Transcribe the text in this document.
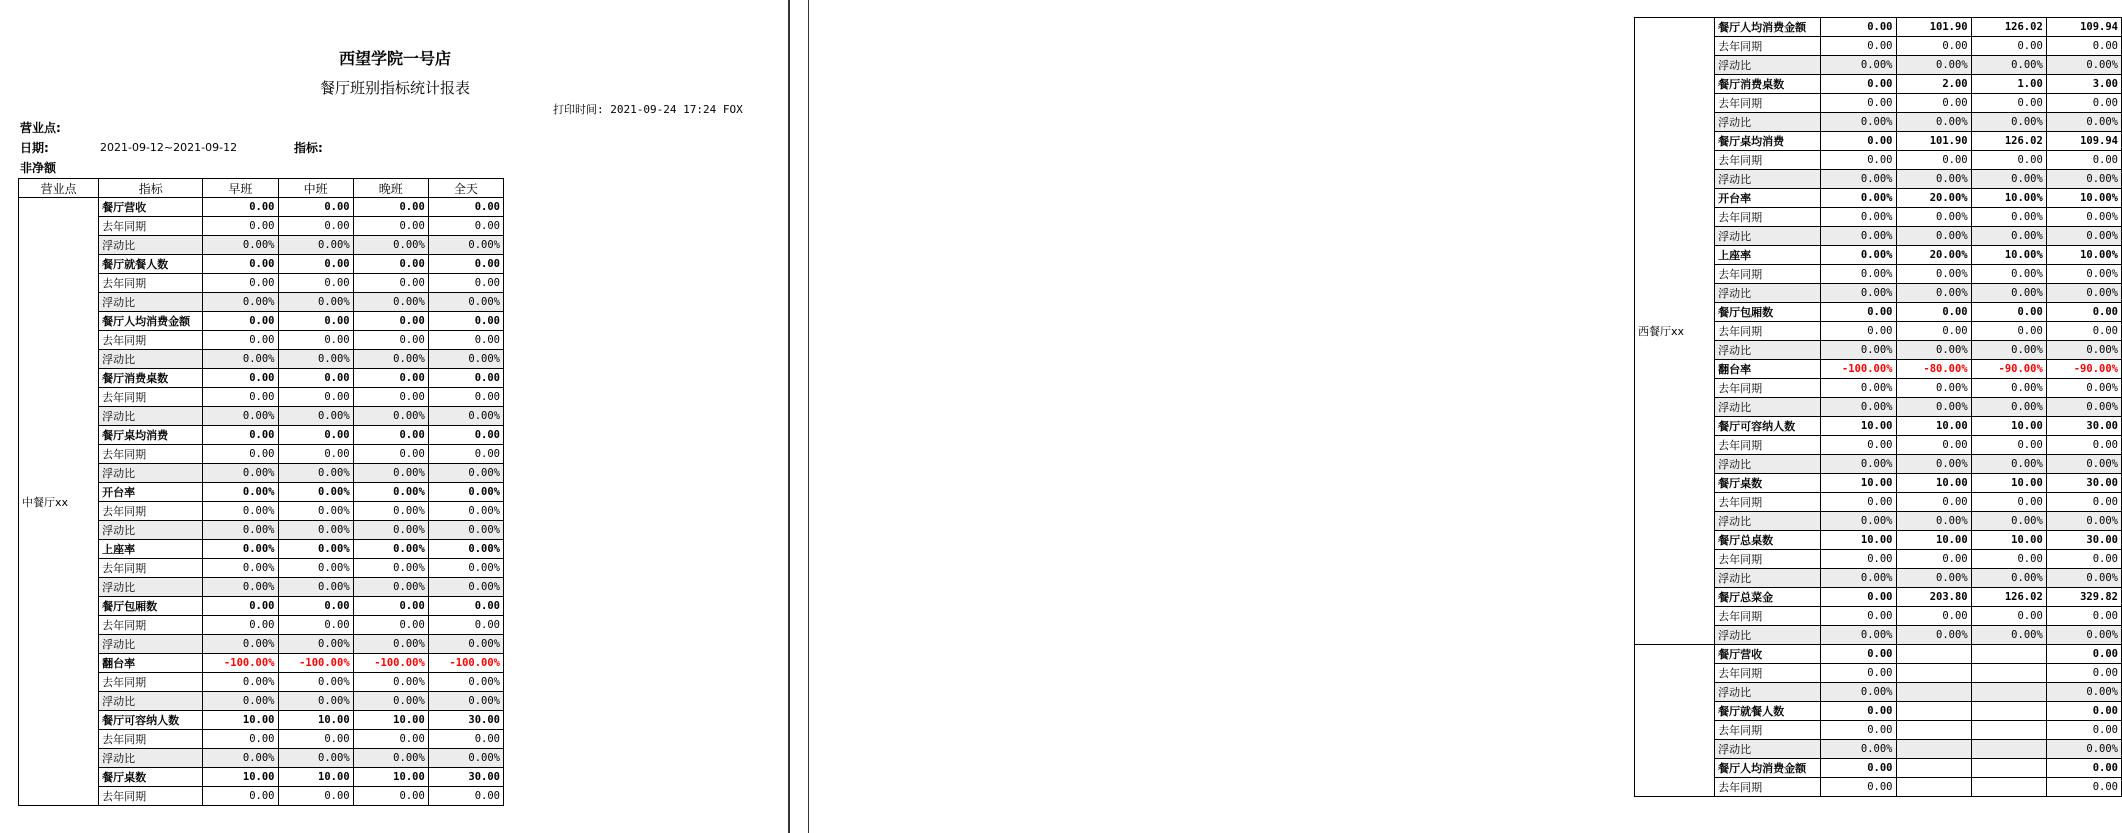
西望学院一号店
餐厅班别指标统计报表
打印时间: 2021-09-24 17:24 FOX
营业点:
日期:	2021-09-12~2021-09-12	指标:
非净额
营业点	指标	早班	中班	晚班	全天
中餐厅xx	餐厅营收	0.00	0.00	0.00	0.00
	去年同期	0.00	0.00	0.00	0.00
	浮动比	0.00%	0.00%	0.00%	0.00%
	餐厅就餐人数	0.00	0.00	0.00	0.00
	去年同期	0.00	0.00	0.00	0.00
	浮动比	0.00%	0.00%	0.00%	0.00%
	餐厅人均消费金额	0.00	0.00	0.00	0.00
	去年同期	0.00	0.00	0.00	0.00
	浮动比	0.00%	0.00%	0.00%	0.00%
	餐厅消费桌数	0.00	0.00	0.00	0.00
	去年同期	0.00	0.00	0.00	0.00
	浮动比	0.00%	0.00%	0.00%	0.00%
	餐厅桌均消费	0.00	0.00	0.00	0.00
	去年同期	0.00	0.00	0.00	0.00
	浮动比	0.00%	0.00%	0.00%	0.00%
	开台率	0.00%	0.00%	0.00%	0.00%
	去年同期	0.00%	0.00%	0.00%	0.00%
	浮动比	0.00%	0.00%	0.00%	0.00%
	上座率	0.00%	0.00%	0.00%	0.00%
	去年同期	0.00%	0.00%	0.00%	0.00%
	浮动比	0.00%	0.00%	0.00%	0.00%
	餐厅包厢数	0.00	0.00	0.00	0.00
	去年同期	0.00	0.00	0.00	0.00
	浮动比	0.00%	0.00%	0.00%	0.00%
	翻台率	-100.00%	-100.00%	-100.00%	-100.00%
	去年同期	0.00%	0.00%	0.00%	0.00%
	浮动比	0.00%	0.00%	0.00%	0.00%
	餐厅可容纳人数	10.00	10.00	10.00	30.00
	去年同期	0.00	0.00	0.00	0.00
	浮动比	0.00%	0.00%	0.00%	0.00%
	餐厅桌数	10.00	10.00	10.00	30.00
	去年同期	0.00	0.00	0.00	0.00
西餐厅xx	餐厅人均消费金额	0.00	101.90	126.02	109.94
	去年同期	0.00	0.00	0.00	0.00
	浮动比	0.00%	0.00%	0.00%	0.00%
	餐厅消费桌数	0.00	2.00	1.00	3.00
	去年同期	0.00	0.00	0.00	0.00
	浮动比	0.00%	0.00%	0.00%	0.00%
	餐厅桌均消费	0.00	101.90	126.02	109.94
	去年同期	0.00	0.00	0.00	0.00
	浮动比	0.00%	0.00%	0.00%	0.00%
	开台率	0.00%	20.00%	10.00%	10.00%
	去年同期	0.00%	0.00%	0.00%	0.00%
	浮动比	0.00%	0.00%	0.00%	0.00%
	上座率	0.00%	20.00%	10.00%	10.00%
	去年同期	0.00%	0.00%	0.00%	0.00%
	浮动比	0.00%	0.00%	0.00%	0.00%
	餐厅包厢数	0.00	0.00	0.00	0.00
	去年同期	0.00	0.00	0.00	0.00
	浮动比	0.00%	0.00%	0.00%	0.00%
	翻台率	-100.00%	-80.00%	-90.00%	-90.00%
	去年同期	0.00%	0.00%	0.00%	0.00%
	浮动比	0.00%	0.00%	0.00%	0.00%
	餐厅可容纳人数	10.00	10.00	10.00	30.00
	去年同期	0.00	0.00	0.00	0.00
	浮动比	0.00%	0.00%	0.00%	0.00%
	餐厅桌数	10.00	10.00	10.00	30.00
	去年同期	0.00	0.00	0.00	0.00
	浮动比	0.00%	0.00%	0.00%	0.00%
	餐厅总桌数	10.00	10.00	10.00	30.00
	去年同期	0.00	0.00	0.00	0.00
	浮动比	0.00%	0.00%	0.00%	0.00%
	餐厅总菜金	0.00	203.80	126.02	329.82
	去年同期	0.00	0.00	0.00	0.00
	浮动比	0.00%	0.00%	0.00%	0.00%
	餐厅营收	0.00			0.00
	去年同期	0.00			0.00
	浮动比	0.00%			0.00%
	餐厅就餐人数	0.00			0.00
	去年同期	0.00			0.00
	浮动比	0.00%			0.00%
	餐厅人均消费金额	0.00			0.00
	去年同期	0.00			0.00
